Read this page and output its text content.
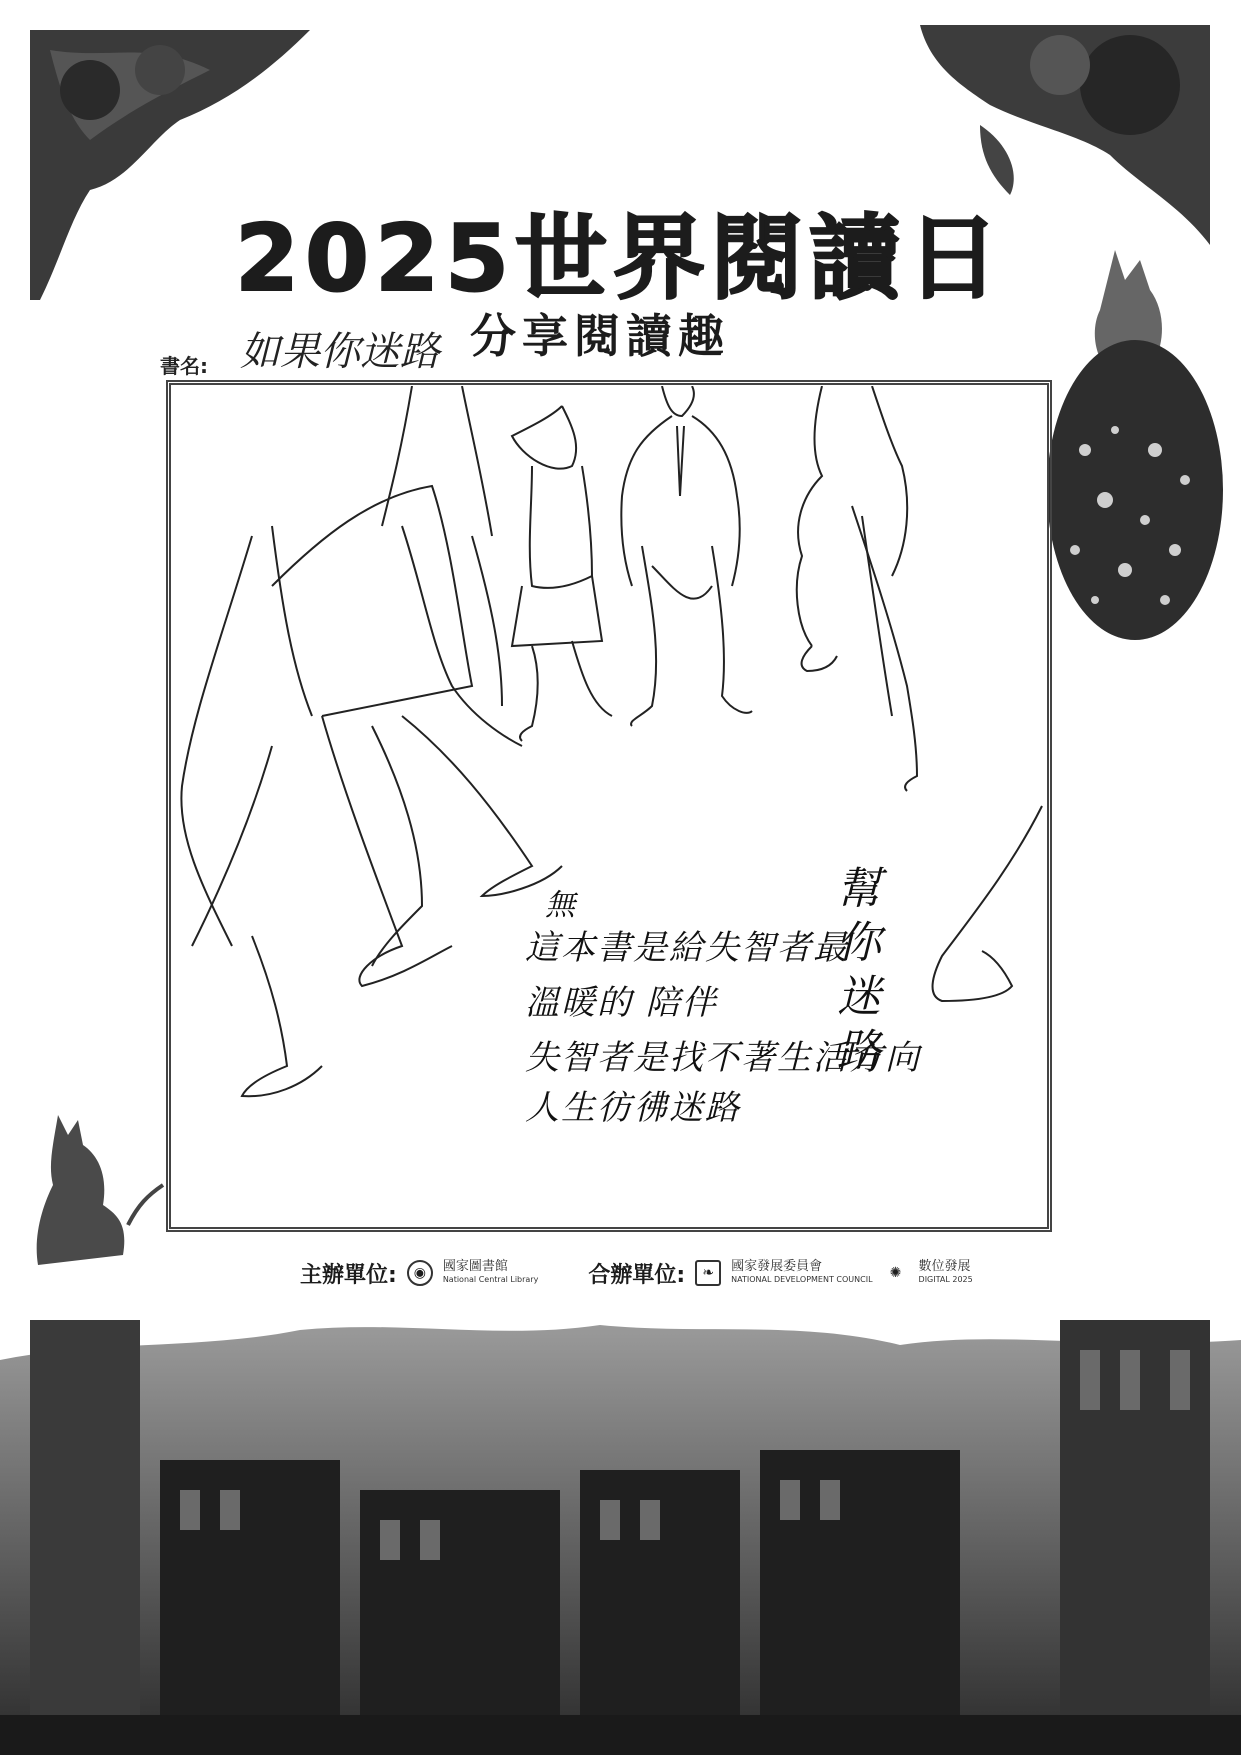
2025世界閱讀日
分享閱讀趣
書名: 如果你迷路
無
這本書是給失智者最
溫暖的 陪伴
失智者是找不著生活方向
人生彷彿迷路
幫你迷路
主辦單位:	◉	國家圖書館
National Central Library 合辦單位:	❧	國家發展委員會
NATIONAL DEVELOPMENT COUNCIL	✺	數位發展
DIGITAL 2025
